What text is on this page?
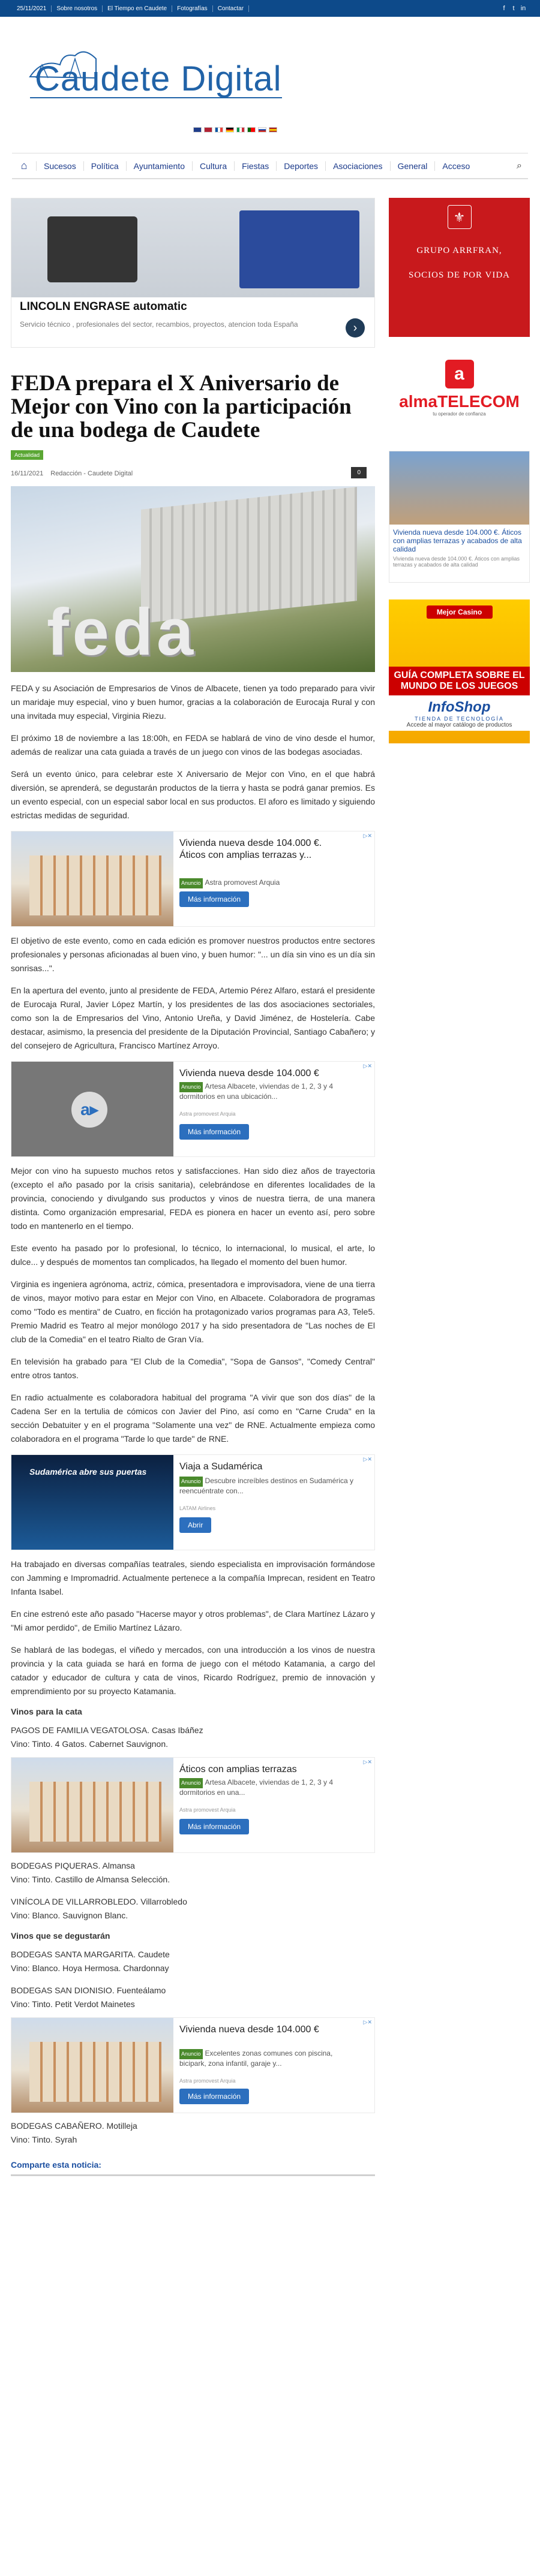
25/11/2021	Sobre nosotros	El Tiempo en Caudete	Fotografías	Contactar	f	t in
Caudete Digital
⌂	Sucesos	Política	Ayuntamiento	Cultura	Fiestas	Deportes	Asociaciones	General	Acceso	⌕
LINCOLN ENGRASE automatic
Servicio técnico , profesionales del sector, recambios, proyectos, atencion toda España	›
⚜
GRUPO ARRFRAN,
SOCIOS DE POR VIDA
a
almaTELECOM
tu operador de confianza
Vivienda nueva desde 104.000 €. Áticos con amplias terrazas y acabados de alta calidad
Vivienda nueva desde 104.000 €. Áticos con amplias terrazas y acabados de alta calidad
Mejor Casino
GUÍA COMPLETA SOBRE EL MUNDO DE LOS JUEGOS
InfoShop
TIENDA DE TECNOLOGÍA
Accede al mayor catálogo de productos
FEDA prepara el X Aniversario de Mejor con Vino con la participación de una bodega de Caudete
Actualidad
16/11/2021 Redacción - Caudete Digital	0
feda

FEDA y su Asociación de Empresarios de Vinos de Albacete, tienen ya todo preparado para vivir un maridaje muy especial, vino y buen humor, gracias a la colaboración de Eurocaja Rural y con una invitada muy especial, Virginia Riezu.

El próximo 18 de noviembre a las 18:00h, en FEDA se hablará de vino de vino desde el humor, además de realizar una cata guiada a través de un juego con vinos de las bodegas asociadas.

Será un evento único, para celebrar este X Aniversario de Mejor con Vino, en el que habrá diversión, se aprenderá, se degustarán productos de la tierra y hasta se podrá ganar premios. Es un evento especial, con un especial sabor local en sus productos. El aforo es limitado y siguiendo estrictas medidas de seguridad.

Vivienda nueva desde 104.000 €. Áticos con amplias terrazas y...
Anuncio Astra promovest Arquia
Más información
▷✕

El objetivo de este evento, como en cada edición es promover nuestros productos entre sectores profesionales y personas aficionadas al buen vino, y buen humor: "... un día sin vino es un día sin sonrisas...".

En la apertura del evento, junto al presidente de FEDA, Artemio Pérez Alfaro, estará el presidente de Eurocaja Rural, Javier López Martín, y los presidentes de las dos asociaciones sectoriales, como son la de Empresarios del Vino, Antonio Ureña, y David Jiménez, de Hostelería. Cabe destacar, asimismo, la presencia del presidente de la Diputación Provincial, Santiago Cabañero; y del consejero de Agricultura, Francisco Martínez Arroyo.

a▸
Vivienda nueva desde 104.000 €
Anuncio Artesa Albacete, viviendas de 1, 2, 3 y 4 dormitorios en una ubicación...
Astra promovest Arquia
Más información
▷✕

Mejor con vino ha supuesto muchos retos y satisfacciones. Han sido diez años de trayectoria (excepto el año pasado por la crisis sanitaria), celebrándose en diferentes localidades de la provincia, conociendo y divulgando sus productos y vinos de nuestra tierra, de una manera distinta. Como organización empresarial, FEDA es pionera en hacer un evento así, pero sobre todo en mantenerlo en el tiempo.

Este evento ha pasado por lo profesional, lo técnico, lo internacional, lo musical, el arte, lo dulce... y después de momentos tan complicados, ha llegado el momento del buen humor.

Virginia es ingeniera agrónoma, actriz, cómica, presentadora e improvisadora, viene de una tierra de vinos, mayor motivo para estar en Mejor con Vino, en Albacete. Colaboradora de programas como "Todo es mentira" de Cuatro, en ficción ha protagonizado varios programas para A3, Tele5. Premio Madrid es Teatro al mejor monólogo 2017 y ha sido presentadora de "Las noches de El club de la Comedia" en el teatro Rialto de Gran Vía.

En televisión ha grabado para "El Club de la Comedia", "Sopa de Gansos", "Comedy Central" entre otros tantos.

En radio actualmente es colaboradora habitual del programa "A vivir que son dos días" de la Cadena Ser en la tertulia de cómicos con Javier del Pino, así como en "Carne Cruda" en la sección Debatuiter y en el programa "Solamente una vez" de RNE. Actualmente empieza como colaboradora en el programa "Tarde lo que tarde" de RNE.

Sudamérica abre sus puertas	Viaja a Sudamérica
Anuncio Descubre increíbles destinos en Sudamérica y reencuéntrate con...
LATAM Airlines
Abrir
▷✕

Ha trabajado en diversas compañías teatrales, siendo especialista en improvisación formándose con Jamming e Impromadrid. Actualmente pertenece a la compañía Imprecan, resident en Teatro Infanta Isabel.

En cine estrenó este año pasado "Hacerse mayor y otros problemas", de Clara Martínez Lázaro y "Mi amor perdido", de Emilio Martínez Lázaro.

Se hablará de las bodegas, el viñedo y mercados, con una introducción a los vinos de nuestra provincia y la cata guiada se hará en forma de juego con el método Katamania, a cargo del catador y educador de cultura y cata de vinos, Ricardo Rodríguez, premio de innovación y emprendimiento por su proyecto Katamania.

Vinos para la cata

PAGOS DE FAMILIA VEGATOLOSA. Casas Ibáñez

Vino: Tinto. 4 Gatos. Cabernet Sauvignon.

Áticos con amplias terrazas
Anuncio Artesa Albacete, viviendas de 1, 2, 3 y 4 dormitorios en una...
Astra promovest Arquia
Más información
▷✕

BODEGAS PIQUERAS. Almansa

Vino: Tinto. Castillo de Almansa Selección.

VINÍCOLA DE VILLARROBLEDO. Villarrobledo

Vino: Blanco. Sauvignon Blanc.

Vinos que se degustarán

BODEGAS SANTA MARGARITA. Caudete

Vino: Blanco. Hoya Hermosa. Chardonnay

BODEGAS SAN DIONISIO. Fuenteálamo

Vino: Tinto. Petit Verdot Mainetes

Vivienda nueva desde 104.000 €
Anuncio Excelentes zonas comunes con piscina, bicipark, zona infantil, garaje y...
Astra promovest Arquia
Más información
▷✕

BODEGAS CABAÑERO. Motilleja

Vino: Tinto. Syrah

Comparte esta noticia:
